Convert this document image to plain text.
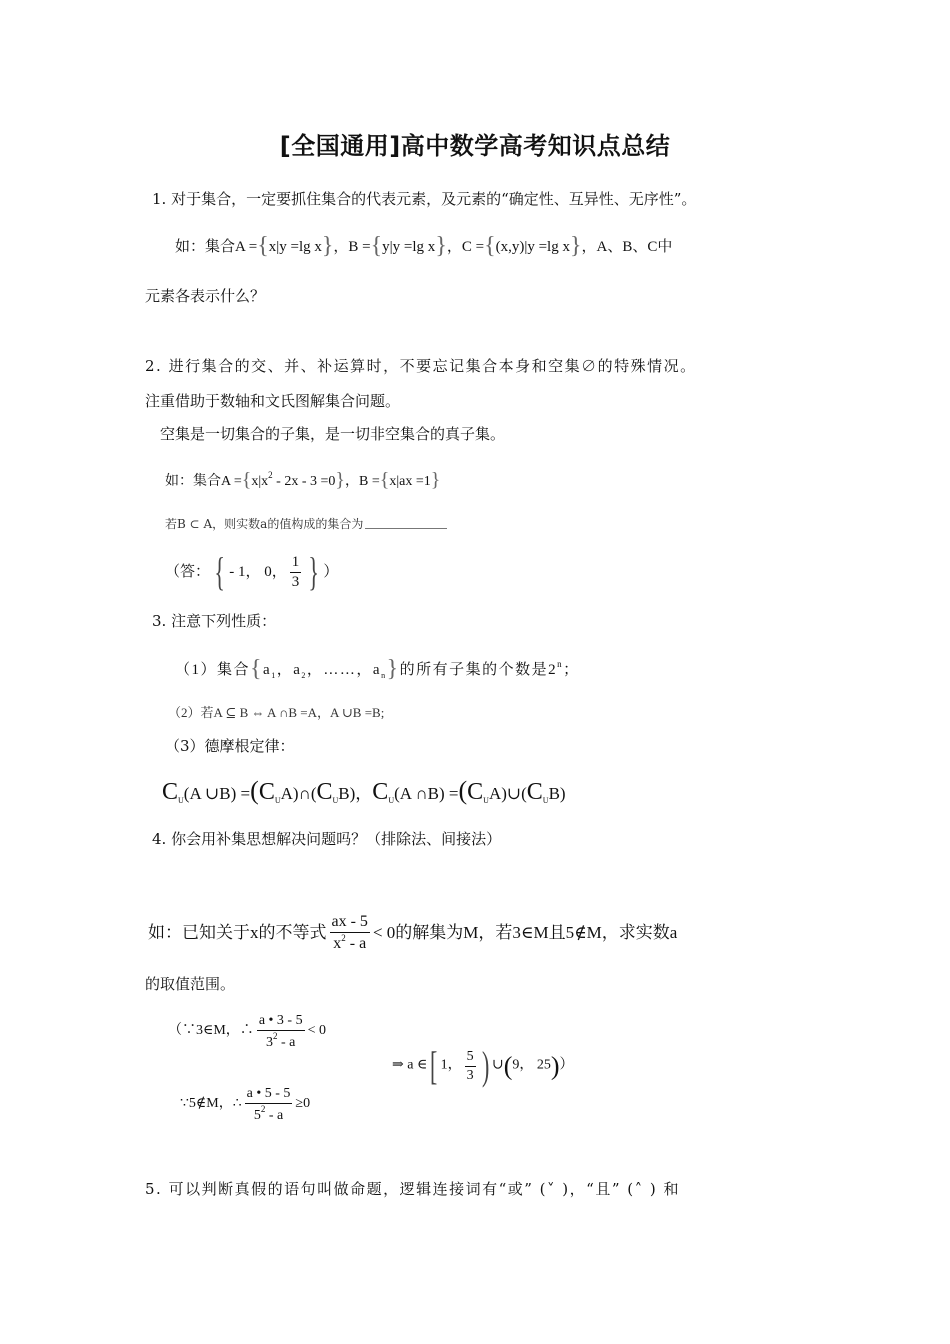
[全国通用]高中数学高考知识点总结
1. 对于集合，一定要抓住集合的代表元素，及元素的“确定性、互异性、无序性”。
如：集合A ={x|y =lg x}，B ={y|y =lg x}，C ={(x,y)|y =lg x}，A、B、C中
元素各表示什么？
2. 进行集合的交、并、补运算时，不要忘记集合本身和空集∅的特殊情况。
注重借助于数轴和文氏图解集合问题。
空集是一切集合的子集，是一切非空集合的真子集。
如：集合$A =\{x|x^2 - 2x - 3 =0\}$，B ={x|ax =1}
若B ⊂ A，则实数a的值构成的集合为
（答： { - 1， 0， $\frac{1}{3}$ } ）
3. 注意下列性质：
（1）集合{$a_1$，$a_2$，……，$a_n$}的所有子集的个数是2$^n$；
（2）若A ⊆ B ⇔ A ∩B =A，A ∪B =B;
（3）德摩根定律：
$C_U(A$ ∪B) $=(C_UA)\cap(C_UB)$，$C_U(A$ ∩B) $=(C_UA)\cup(C_UB)$
4. 你会用补集思想解决问题吗？（排除法、间接法）
如：已知关于x的不等式 $\frac{ax - 5}{x^2 - a} < 0$的解集为M，若3∈M且5∉M，求实数a
的取值范围。
（∵3∈M，∴ $\frac{a • 3 - 5}{3^2 - a} < 0$
⇒ a ∈[ 1， $\frac{5}{3}$ ) ∪(9， 25)）
∵5∉M，∴ $\frac{a • 5 - 5}{5^2 - a} \ge 0$
5. 可以判断真假的语句叫做命题，逻辑连接词有“或” (˅ )，“且” (˄ ) 和
